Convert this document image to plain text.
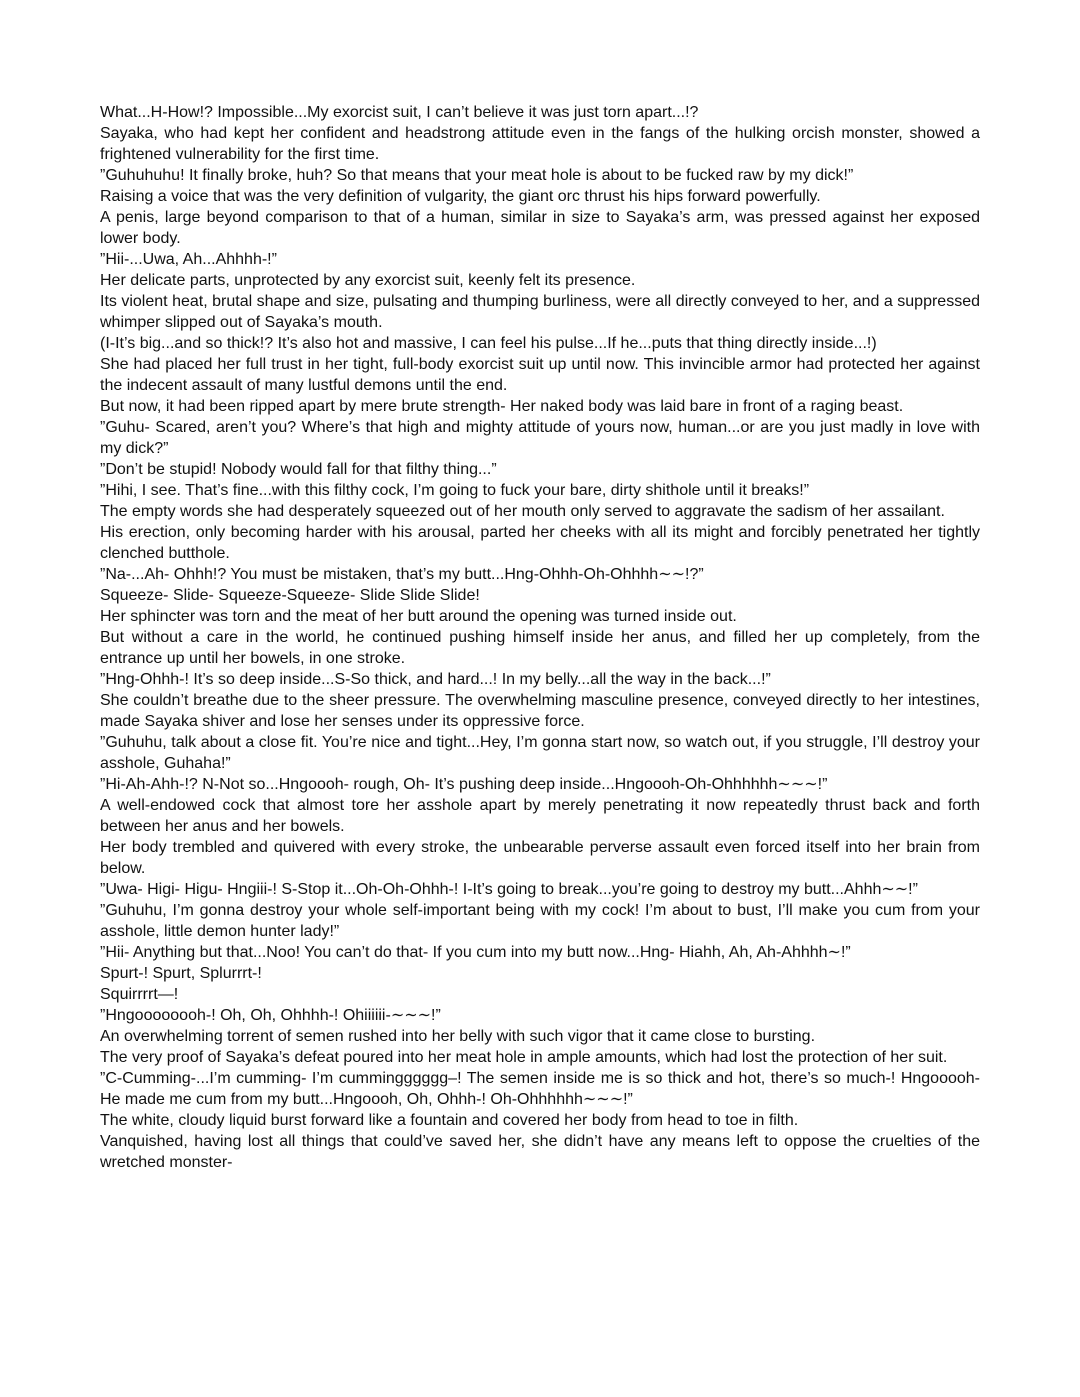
What...H-How!? Impossible...My exorcist suit, I can’t believe it was just torn apart...!?

Sayaka, who had kept her confident and headstrong attitude even in the fangs of the hulking orcish monster, showed a frightened vulnerability for the first time.

”Guhuhuhu! It finally broke, huh? So that means that your meat hole is about to be fucked raw by my dick!”

Raising a voice that was the very definition of vulgarity, the giant orc thrust his hips forward powerfully.

A penis, large beyond comparison to that of a human, similar in size to Sayaka’s arm, was pressed against her exposed lower body.

”Hii-...Uwa, Ah...Ahhhh-!”

Her delicate parts, unprotected by any exorcist suit, keenly felt its presence.

Its violent heat, brutal shape and size, pulsating and thumping burliness, were all directly conveyed to her, and a suppressed whimper slipped out of Sayaka’s mouth.

(I-It’s big...and so thick!? It’s also hot and massive, I can feel his pulse...If he...puts that thing directly inside...!)

She had placed her full trust in her tight, full-body exorcist suit up until now. This invincible armor had protected her against the indecent assault of many lustful demons until the end.

But now, it had been ripped apart by mere brute strength- Her naked body was laid bare in front of a raging beast.

”Guhu- Scared, aren’t you? Where’s that high and mighty attitude of yours now, human...or are you just madly in love with my dick?”

”Don’t be stupid! Nobody would fall for that filthy thing...”

”Hihi, I see. That’s fine...with this filthy cock, I’m going to fuck your bare, dirty shithole until it breaks!”

The empty words she had desperately squeezed out of her mouth only served to aggravate the sadism of her assailant.

His erection, only becoming harder with his arousal, parted her cheeks with all its might and forcibly penetrated her tightly clenched butthole.

”Na-...Ah- Ohhh!? You must be mistaken, that’s my butt...Hng-Ohhh-Oh-Ohhhh∼∼!?”

Squeeze- Slide- Squeeze-Squeeze- Slide Slide Slide!

Her sphincter was torn and the meat of her butt around the opening was turned inside out.

But without a care in the world, he continued pushing himself inside her anus, and filled her up completely, from the entrance up until her bowels, in one stroke.

”Hng-Ohhh-! It’s so deep inside...S-So thick, and hard...! In my belly...all the way in the back...!”

She couldn’t breathe due to the sheer pressure. The overwhelming masculine presence, conveyed directly to her intestines, made Sayaka shiver and lose her senses under its oppressive force.

”Guhuhu, talk about a close fit. You’re nice and tight...Hey, I’m gonna start now, so watch out, if you struggle, I’ll destroy your asshole, Guhaha!”

”Hi-Ah-Ahh-!? N-Not so...Hngoooh- rough, Oh- It’s pushing deep inside...Hngoooh-Oh-Ohhhhhh∼∼∼!”

A well-endowed cock that almost tore her asshole apart by merely penetrating it now repeatedly thrust back and forth between her anus and her bowels.

Her body trembled and quivered with every stroke, the unbearable perverse assault even forced itself into her brain from below.

”Uwa- Higi- Higu- Hngiii-! S-Stop it...Oh-Oh-Ohhh-! I-It’s going to break...you’re going to destroy my butt...Ahhh∼∼!”

”Guhuhu, I’m gonna destroy your whole self-important being with my cock! I’m about to bust, I’ll make you cum from your asshole, little demon hunter lady!”

”Hii- Anything but that...Noo! You can’t do that- If you cum into my butt now...Hng- Hiahh, Ah, Ah-Ahhhh∼!”

Spurt-! Spurt, Splurrrt-!

Squirrrrt—!

”Hngoooooooh-! Oh, Oh, Ohhhh-! Ohiiiiii-∼∼∼!”

An overwhelming torrent of semen rushed into her belly with such vigor that it came close to bursting.

The very proof of Sayaka’s defeat poured into her meat hole in ample amounts, which had lost the protection of her suit.

”C-Cumming-...I’m cumming- I’m cummingggggg–! The semen inside me is so thick and hot, there’s so much-! Hngooooh- He made me cum from my butt...Hngoooh, Oh, Ohhh-! Oh-Ohhhhhh∼∼∼!”

The white, cloudy liquid burst forward like a fountain and covered her body from head to toe in filth.

Vanquished, having lost all things that could’ve saved her, she didn’t have any means left to oppose the cruelties of the wretched monster-
